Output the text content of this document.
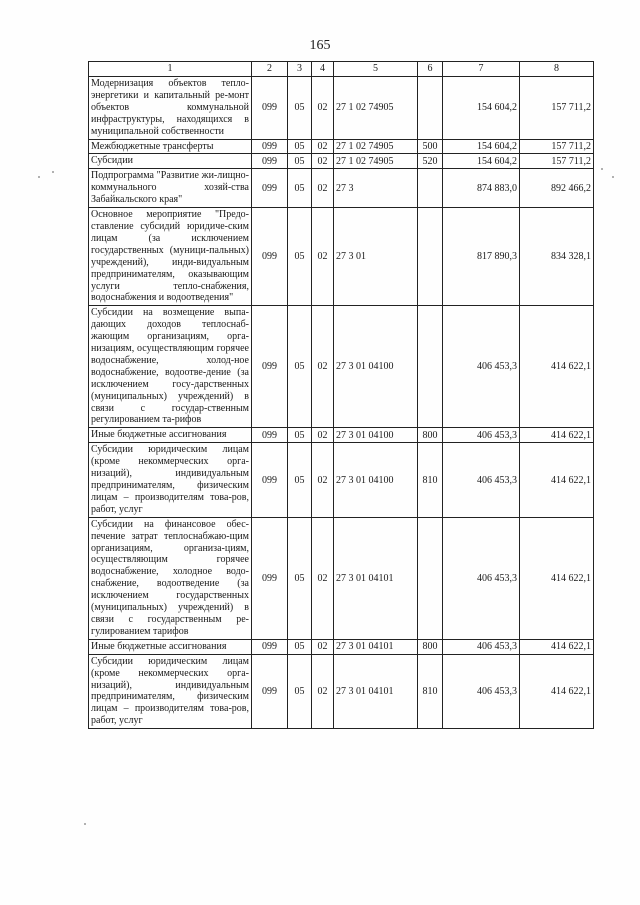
165
1	2	3	4	5	6	7	8
Модернизация объектов тепло-энергетики и капитальный ре-монт объектов коммунальной инфраструктуры, находящихся в муниципальной собственности	099	05	02	27 1 02 74905		154 604,2	157 711,2
Межбюджетные трансферты	099	05	02	27 1 02 74905	500	154 604,2	157 711,2
Субсидии	099	05	02	27 1 02 74905	520	154 604,2	157 711,2
Подпрограмма "Развитие жи-лищно-коммунального хозяй-ства Забайкальского края"	099	05	02	27 3		874 883,0	892 466,2
Основное мероприятие "Предо-ставление субсидий юридиче-ским лицам (за исключением государственных (муници-пальных) учреждений), инди-видуальным предпринимателям, оказывающим услуги тепло-снабжения, водоснабжения и водоотведения"	099	05	02	27 3 01		817 890,3	834 328,1
Субсидии на возмещение выпа-дающих доходов теплоснаб-жающим организациям, орга-низациям, осуществляющим горячее водоснабжение, холод-ное водоснабжение, водоотве-дение (за исключением госу-дарственных (муниципальных) учреждений) в связи с государ-ственным регулированием та-рифов	099	05	02	27 3 01 04100		406 453,3	414 622,1
Иные бюджетные ассигнования	099	05	02	27 3 01 04100	800	406 453,3	414 622,1
Субсидии юридическим лицам (кроме некоммерческих орга-низаций), индивидуальным предпринимателям, физическим лицам – производителям това-ров, работ, услуг	099	05	02	27 3 01 04100	810	406 453,3	414 622,1
Субсидии на финансовое обес-печение затрат теплоснабжаю-щим организациям, организа-циям, осуществляющим горячее водоснабжение, холодное водо-снабжение, водоотведение (за исключением государственных (муниципальных) учреждений) в связи с государственным ре-гулированием тарифов	099	05	02	27 3 01 04101		406 453,3	414 622,1
Иные бюджетные ассигнования	099	05	02	27 3 01 04101	800	406 453,3	414 622,1
Субсидии юридическим лицам (кроме некоммерческих орга-низаций), индивидуальным предпринимателям, физическим лицам – производителям това-ров, работ, услуг	099	05	02	27 3 01 04101	810	406 453,3	414 622,1
